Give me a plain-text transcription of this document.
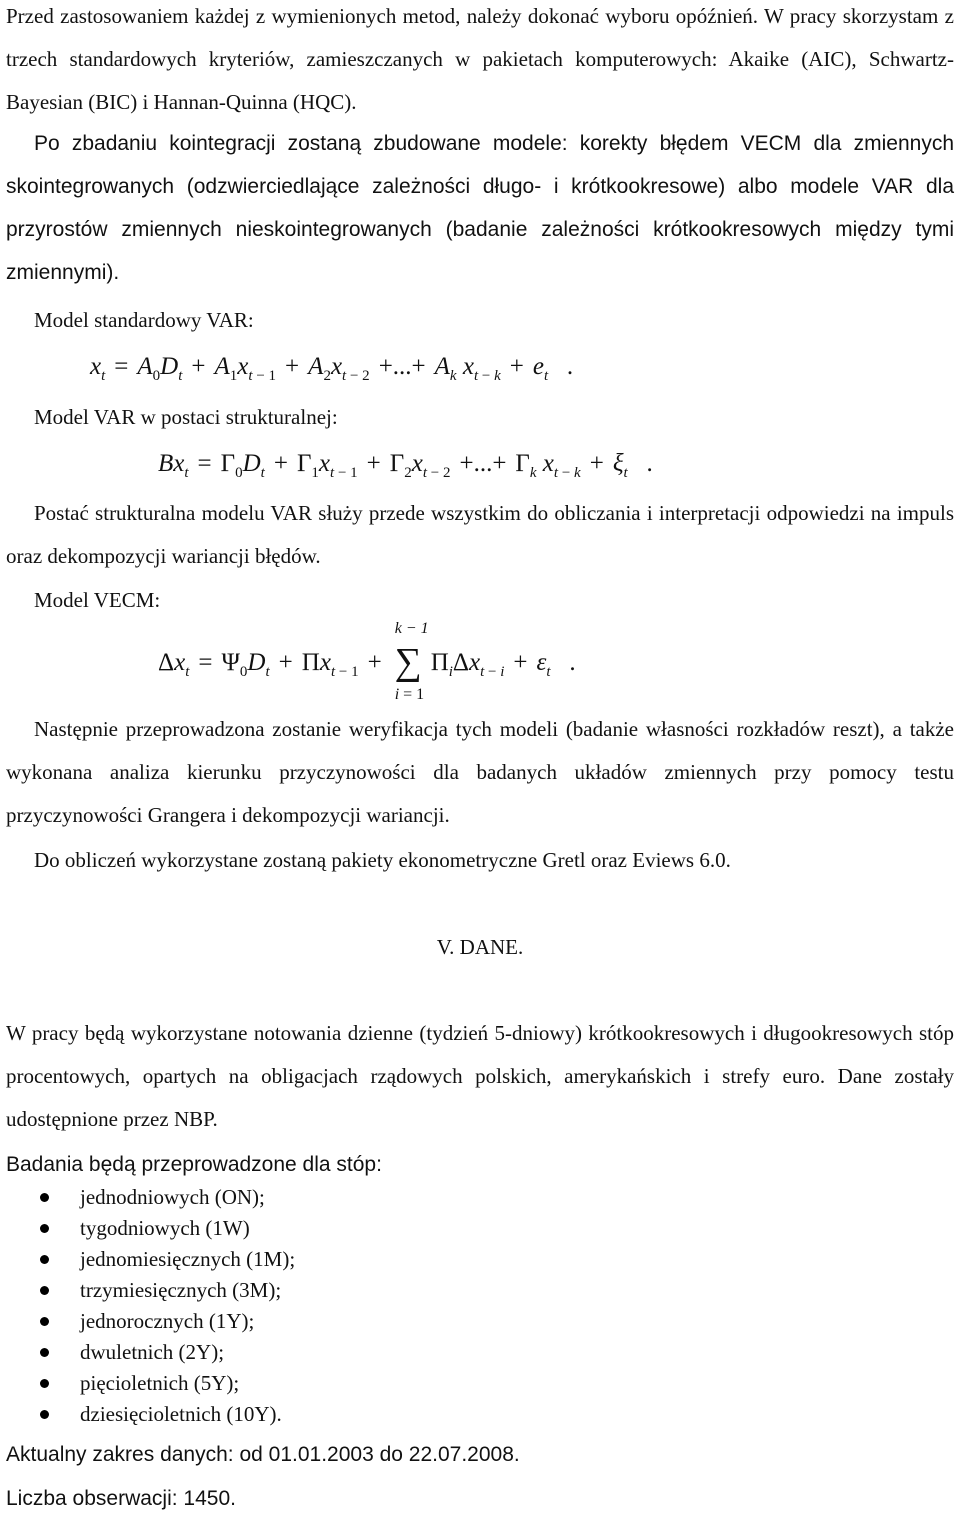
Przed zastosowaniem każdej z wymienionych metod, należy dokonać wyboru opóźnień. W pracy skorzystam z trzech standardowych kryteriów, zamieszczanych w pakietach komputerowych: Akaike (AIC), Schwartz-Bayesian (BIC) i Hannan-Quinna (HQC).

Po zbadaniu kointegracji zostaną zbudowane modele: korekty błędem VECM dla zmiennych skointegrowanych (odzwierciedlające zależności długo- i krótkookresowe) albo modele VAR dla przyrostów zmiennych nieskointegrowanych (badanie zależności krótkookresowych między tymi zmiennymi).

Model standardowy VAR:

$x_t = A_0D_t + A_1x_{t - 1} + A_2x_{t - 2}$ +...+ $A_k$ $x_{t - k} + e_t$   .

Model VAR w postaci strukturalnej:

$Bx_t = \Gamma_0D_t + \Gamma_1x_{t - 1} + \Gamma_2x_{t - 2}$ +...+ $\Gamma_k$ $x_{t - k} + \xi_t$   .

Postać strukturalna modelu VAR służy przede wszystkim do obliczania i interpretacji odpowiedzi na impuls oraz dekompozycji wariancji błędów.

Model VECM:

$\Delta x_t = \Psi_0D_t + \Pi x_{t - 1}$ +
k − 1
∑
i = 1
$\Pi_i\Delta x_{t - i} + \varepsilon_t$   .

Następnie przeprowadzona zostanie weryfikacja tych modeli (badanie własności rozkładów reszt), a także wykonana analiza kierunku przyczynowości dla badanych układów zmiennych przy pomocy testu przyczynowości Grangera i dekompozycji wariancji.

Do obliczeń wykorzystane zostaną pakiety ekonometryczne Gretl oraz Eviews 6.0.

V. DANE.

W pracy będą wykorzystane notowania dzienne (tydzień 5-dniowy) krótkookresowych i długookresowych stóp procentowych, opartych na obligacjach rządowych polskich, amerykańskich i strefy euro. Dane zostały udostępnione przez NBP.

Badania będą przeprowadzone dla stóp:

jednodniowych (ON);
tygodniowych (1W)
jednomiesięcznych (1M);
trzymiesięcznych (3M);
jednorocznych (1Y);
dwuletnich (2Y);
pięcioletnich (5Y);
dziesięcioletnich (10Y).

Aktualny zakres danych: od 01.01.2003 do 22.07.2008.

Liczba obserwacji: 1450.
